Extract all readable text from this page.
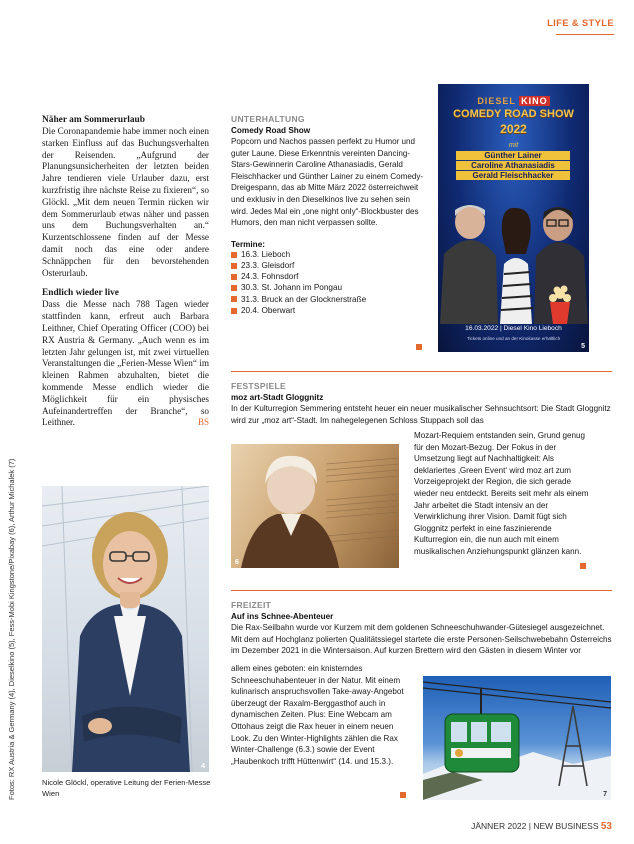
LIFE & STYLE
Fotos: RX Austria & Germany (4), Dieselkino (5), Fess-Mobi Kingstone/Pixabay (6), Arthur Michalek (7)
Näher am Sommerurlaub
Die Coronapandemie habe immer noch einen starken Einfluss auf das Buchungsverhalten der Reisenden. „Aufgrund der Planungsunsicherheiten der letzten beiden Jahre tendieren viele Urlauber dazu, erst kurzfristig ihre nächste Reise zu fixieren“, so Glöckl. „Mit dem neuen Termin rücken wir dem Sommerurlaub etwas näher und passen uns dem Buchungsverhalten an.“ Kurzentschlossene finden auf der Messe damit noch das eine oder andere Schnäppchen für den bevorstehenden Osterurlaub.
Endlich wieder live
Dass die Messe nach 788 Tagen wieder stattfinden kann, erfreut auch Barbara Leithner, Chief Operating Officer (COO) bei RX Austria & Germany. „Auch wenn es im letzten Jahr gelungen ist, mit zwei virtuellen Veranstaltungen die „Ferien-Messe Wien“ im kleinen Rahmen abzuhalten, bietet die kommende Messe endlich wieder die Möglichkeit für ein physisches Aufeinandertreffen der Branche“, so Leithner.	BS
4
Nicole Glöckl, operative Leitung der Ferien-Messe Wien
UNTERHALTUNG
Comedy Road Show
Popcorn und Nachos passen perfekt zu Humor und guter Laune. Diese Erkenntnis vereinten Dancing-Stars-Gewinnerin Caroline Athanasiadis, Gerald Fleischhacker und Günther Lainer zu einem Comedy-Dreigespann, das ab Mitte März 2022 österreichweit und exklusiv in den Dieselkinos live zu sehen sein wird. Jedes Mal ein „one night only“-Blockbuster des Humors, den man nicht verpassen sollte.
Termine:
16.3. Lieboch
23.3. Gleisdorf
24.3. Fohnsdorf
30.3. St. Johann im Pongau
31.3. Bruck an der Glocknerstraße
20.4. Oberwart
DIESEL KINO
COMEDY ROAD SHOW
2022
mit
Günther Lainer
Caroline Athanasiadis
Gerald Fleischhacker
16.03.2022 | Diesel Kino Lieboch
Tickets online und an der Kinokasse erhältlich
5
FESTSPIELE
moz art-Stadt Gloggnitz
In der Kulturregion Semmering entsteht heuer ein neuer musikalischer Sehnsuchtsort: Die Stadt Gloggnitz wird zur „moz art“-Stadt. Im nahegelegenen Schloss Stuppach soll das
6
Mozart-Requiem entstanden sein, Grund genug für den Mozart-Bezug. Der Fokus in der Umsetzung liegt auf Nachhaltigkeit: Als deklariertes ‚Green Event‘ wird moz art zum Vorzeigeprojekt der Region, die sich gerade wieder neu entdeckt. Bereits seit mehr als einem Jahr arbeitet die Stadt intensiv an der Verwirklichung ihrer Vision. Damit fügt sich Gloggnitz perfekt in eine faszinierende Kulturregion ein, die nun auch mit einem musikalischen Anziehungspunkt glänzen kann.
FREIZEIT
Auf ins Schnee-Abenteuer
Die Rax-Seilbahn wurde vor Kurzem mit dem goldenen Schneeschuhwander-Gütesiegel ausgezeichnet. Mit dem auf Hochglanz polierten Qualitätssiegel startete die erste Personen-Seilschwebebahn Österreichs im Dezember 2021 in die Wintersaison. Auf kurzen Brettern wird den Gästen in diesem Winter vor
allem eines geboten: ein knisterndes Schneeschuhabenteuer in der Natur. Mit einem kulinarisch anspruchsvollen Take-away-Angebot überzeugt der Raxalm-Berggasthof auch in dynamischen Zeiten. Plus: Eine Webcam am Ottohaus zeigt die Rax heuer in einem neuen Look. Zu den Winter-Highlights zählen die Rax Winter-Challenge (6.3.) sowie der Event „Haubenkoch trifft Hüttenwirt“ (14. und 15.3.).
7
JÄNNER 2022 | NEW BUSINESS 53
